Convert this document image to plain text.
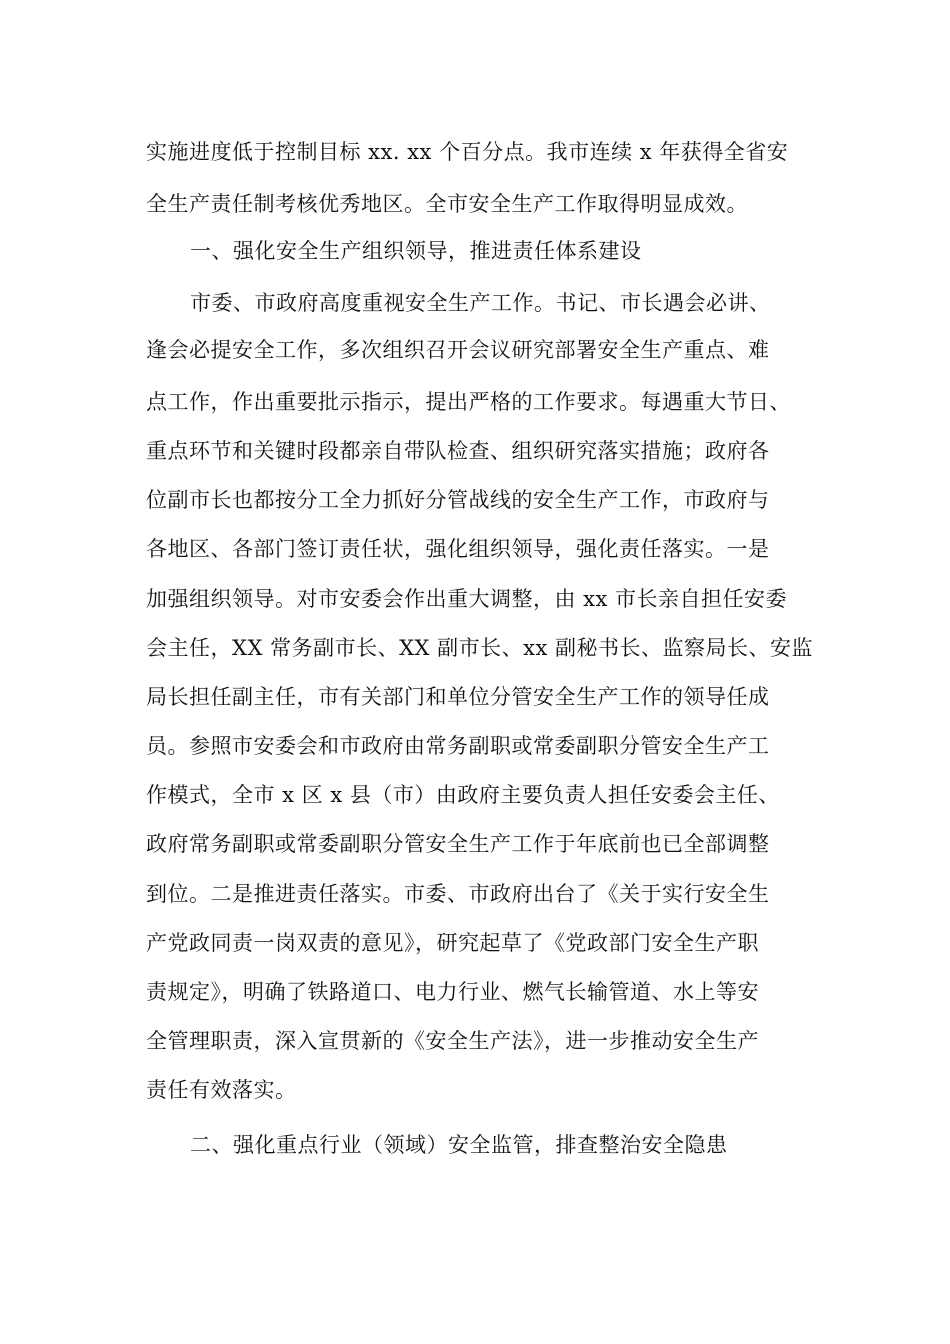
实施进度低于控制目标 xx. xx 个百分点。我市连续 x 年获得全省安
全生产责任制考核优秀地区。全市安全生产工作取得明显成效。
一、强化安全生产组织领导，推进责任体系建设
市委、市政府高度重视安全生产工作。书记、市长遇会必讲、
逢会必提安全工作，多次组织召开会议研究部署安全生产重点、难
点工作，作出重要批示指示，提出严格的工作要求。每遇重大节日、
重点环节和关键时段都亲自带队检查、组织研究落实措施；政府各
位副市长也都按分工全力抓好分管战线的安全生产工作，市政府与
各地区、各部门签订责任状，强化组织领导，强化责任落实。一是
加强组织领导。对市安委会作出重大调整，由 xx 市长亲自担任安委
会主任，XX 常务副市长、XX 副市长、xx 副秘书长、监察局长、安监
局长担任副主任，市有关部门和单位分管安全生产工作的领导任成
员。参照市安委会和市政府由常务副职或常委副职分管安全生产工
作模式，全市 x 区 x 县（市）由政府主要负责人担任安委会主任、
政府常务副职或常委副职分管安全生产工作于年底前也已全部调整
到位。二是推进责任落实。市委、市政府出台了《关于实行安全生
产党政同责一岗双责的意见》，研究起草了《党政部门安全生产职
责规定》，明确了铁路道口、电力行业、燃气长输管道、水上等安
全管理职责，深入宣贯新的《安全生产法》，进一步推动安全生产
责任有效落实。
二、强化重点行业（领域）安全监管，排查整治安全隐患
